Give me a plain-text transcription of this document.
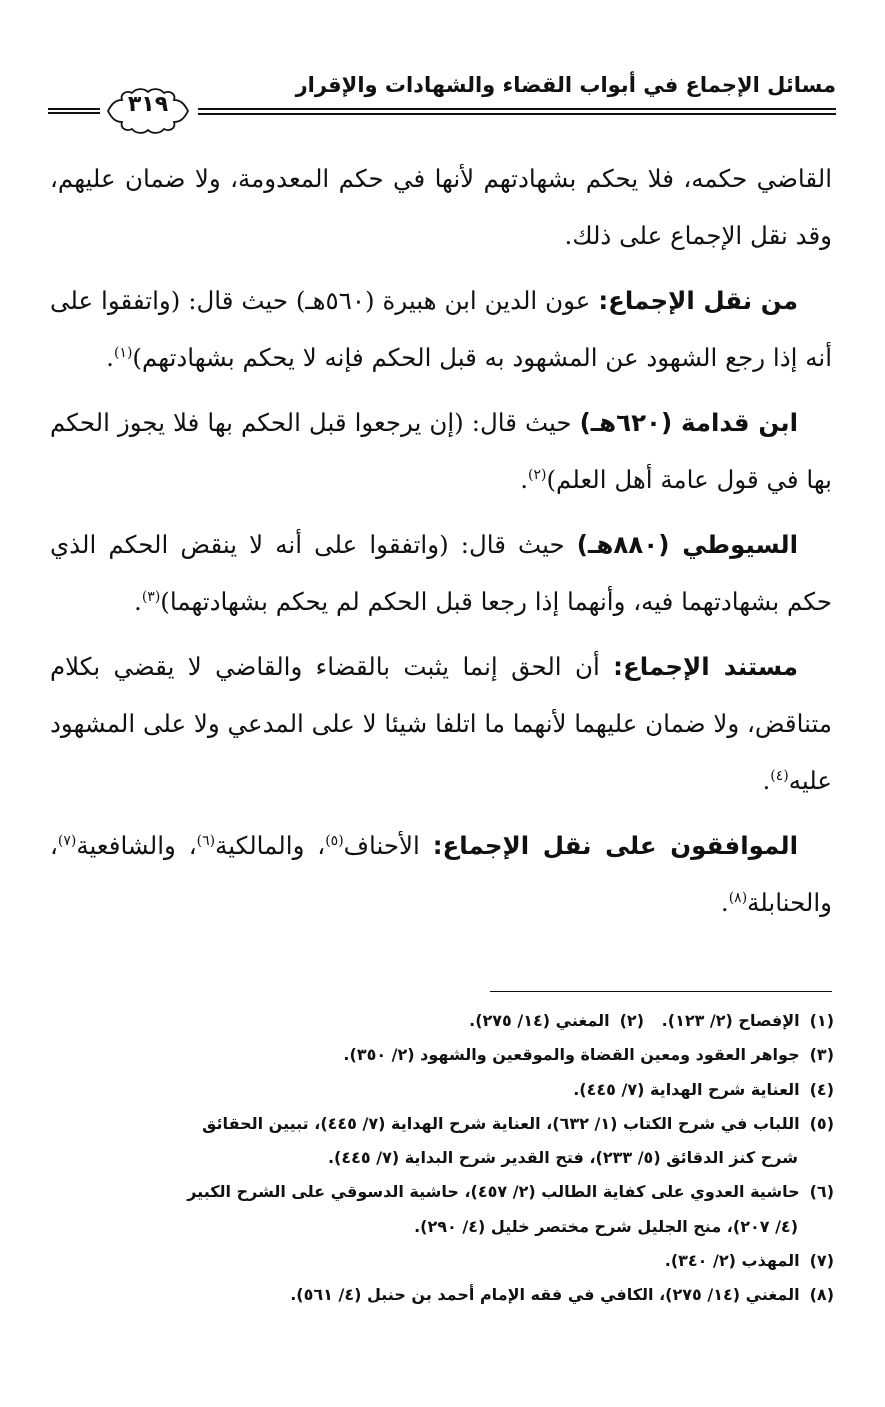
مسائل الإجماع في أبواب القضاء والشهادات والإقرار
٣١٩

القاضي حكمه، فلا يحكم بشهادتهم لأنها في حكم المعدومة، ولا ضمان عليهم، وقد نقل الإجماع على ذلك.

من نقل الإجماع: عون الدين ابن هبيرة (٥٦٠هـ) حيث قال: (واتفقوا على أنه إذا رجع الشهود عن المشهود به قبل الحكم فإنه لا يحكم بشهادتهم)$^{(١)}$.

ابن قدامة (٦٢٠هـ) حيث قال: (إن يرجعوا قبل الحكم بها فلا يجوز الحكم بها في قول عامة أهل العلم)$^{(٢)}$.

السيوطي (٨٨٠هـ) حيث قال: (واتفقوا على أنه لا ينقض الحكم الذي حكم بشهادتهما فيه، وأنهما إذا رجعا قبل الحكم لم يحكم بشهادتهما)$^{(٣)}$.

مستند الإجماع: أن الحق إنما يثبت بالقضاء والقاضي لا يقضي بكلام متناقض، ولا ضمان عليهما لأنهما ما اتلفا شيئا لا على المدعي ولا على المشهود عليه$^{(٤)}$.

الموافقون على نقل الإجماع: الأحناف$^{(٥)}$، والمالكية$^{(٦)}$، والشافعية$^{(٧)}$، والحنابلة$^{(٨)}$.

(١)الإفصاح (٢/ ١٢٣).
(٢)المغني (١٤/ ٢٧٥).

(٣)جواهر العقود ومعين القضاة والموقعين والشهود (٢/ ٣٥٠).

(٤)العناية شرح الهداية (٧/ ٤٤٥).

(٥)اللباب في شرح الكتاب (١/ ٦٣٢)، العناية شرح الهداية (٧/ ٤٤٥)، تبيين الحقائق

شرح كنز الدقائق (٥/ ٢٣٣)، فتح القدير شرح البداية (٧/ ٤٤٥).

(٦)حاشية العدوي على كفاية الطالب (٢/ ٤٥٧)، حاشية الدسوقي على الشرح الكبير

(٤/ ٢٠٧)، منح الجليل شرح مختصر خليل (٤/ ٢٩٠).

(٧)المهذب (٢/ ٣٤٠).

(٨)المغني (١٤/ ٢٧٥)، الكافي في فقه الإمام أحمد بن حنبل (٤/ ٥٦١).
